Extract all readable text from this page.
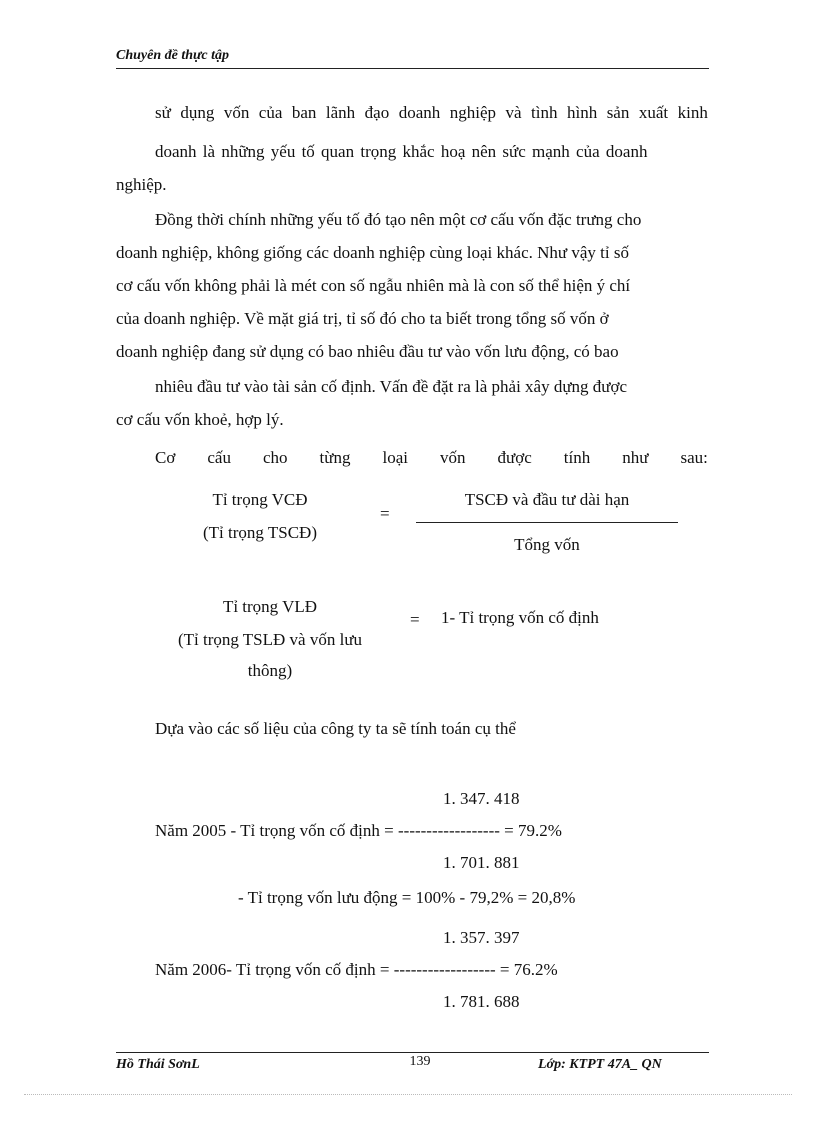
Chuyên đề thực tập
sử dụng vốn của ban lãnh đạo doanh nghiệp và tình hình sản xuất kinh
doanh là những yếu tố quan trọng khắc hoạ nên sức mạnh của doanh
nghiệp.
Đồng thời chính những yếu tố đó tạo nên một cơ cấu vốn đặc trưng cho
doanh nghiệp, không giống các doanh nghiệp cùng loại khác. Như vậy tỉ số
cơ cấu vốn không phải là mét con số ngẫu nhiên mà là con số thể hiện ý chí
của doanh nghiệp. Về mặt giá trị, tỉ số đó cho ta biết trong tổng số vốn ở
doanh nghiệp đang sử dụng có bao nhiêu đầu tư vào vốn lưu động, có bao
nhiêu đầu tư vào tài sản cố định. Vấn đề đặt ra là phải xây dựng được
cơ cấu vốn khoẻ, hợp lý.
Cơ cấu cho từng loại vốn được tính như sau:
Tỉ trọng VCĐ
(Tỉ trọng TSCĐ)
=
TSCĐ và đầu tư dài hạn
Tổng vốn
Tỉ trọng VLĐ
(Tỉ trọng TSLĐ và vốn lưu
thông)
= 1- Tỉ trọng vốn cố định
Dựa vào các số liệu của công ty ta sẽ tính toán cụ thể
1. 347. 418
Năm 2005 - Tỉ trọng vốn cố định = ------------------ = 79.2%
1. 701. 881
- Tỉ trọng vốn lưu động = 100% - 79,2% = 20,8%
1. 357. 397
Năm 2006- Tỉ trọng vốn cố định = ------------------ = 76.2%
1. 781. 688
Hồ Thái SơnL	139	Lớp: KTPT 47A_ QN
